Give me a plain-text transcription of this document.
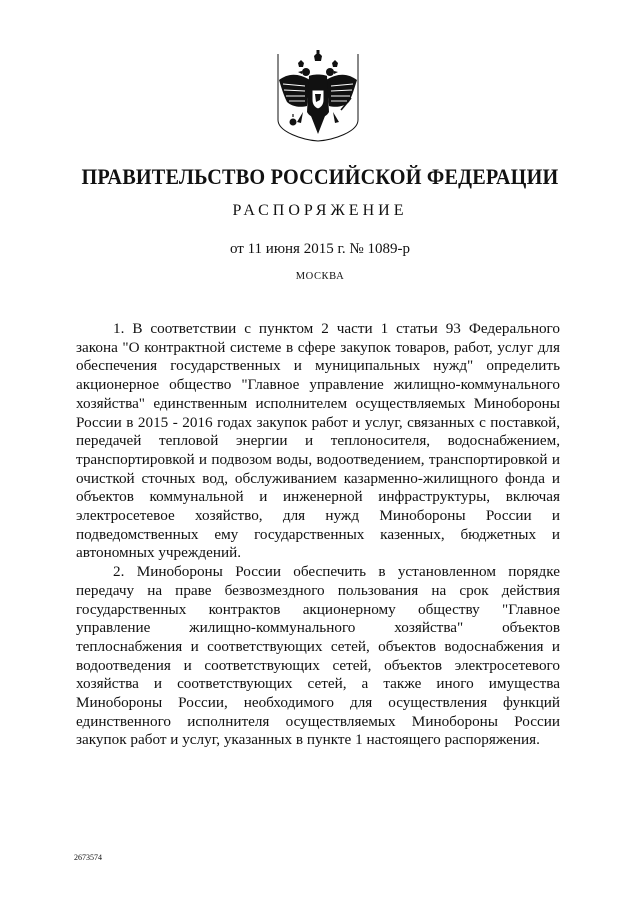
ПРАВИТЕЛЬСТВО РОССИЙСКОЙ ФЕДЕРАЦИИ
РАСПОРЯЖЕНИЕ
от 11 июня 2015 г. № 1089-р
МОСКВА

1. В соответствии с пунктом 2 части 1 статьи 93 Федерального закона "О контрактной системе в сфере закупок товаров, работ, услуг для обеспечения государственных и муниципальных нужд" определить акционерное общество "Главное управление жилищно-коммунального хозяйства" единственным исполнителем осуществляемых Минобороны России в 2015 - 2016 годах закупок работ и услуг, связанных с поставкой, передачей тепловой энергии и теплоносителя, водоснабжением, транспортировкой и подвозом воды, водоотведением, транспортировкой и очисткой сточных вод, обслуживанием казарменно-жилищного фонда и объектов коммунальной и инженерной инфраструктуры, включая электросетевое хозяйство, для нужд Минобороны России и подведомственных ему государственных казенных, бюджетных и автономных учреждений.

2. Минобороны России обеспечить в установленном порядке передачу на праве безвозмездного пользования на срок действия государственных контрактов акционерному обществу "Главное управление жилищно-коммунального хозяйства" объектов теплоснабжения и соответствующих сетей, объектов водоснабжения и водоотведения и соответствующих сетей, объектов электросетевого хозяйства и соответствующих сетей, а также иного имущества Минобороны России, необходимого для осуществления функций единственного исполнителя осуществляемых Минобороны России закупок работ и услуг, указанных в пункте 1 настоящего распоряжения.

2673574
